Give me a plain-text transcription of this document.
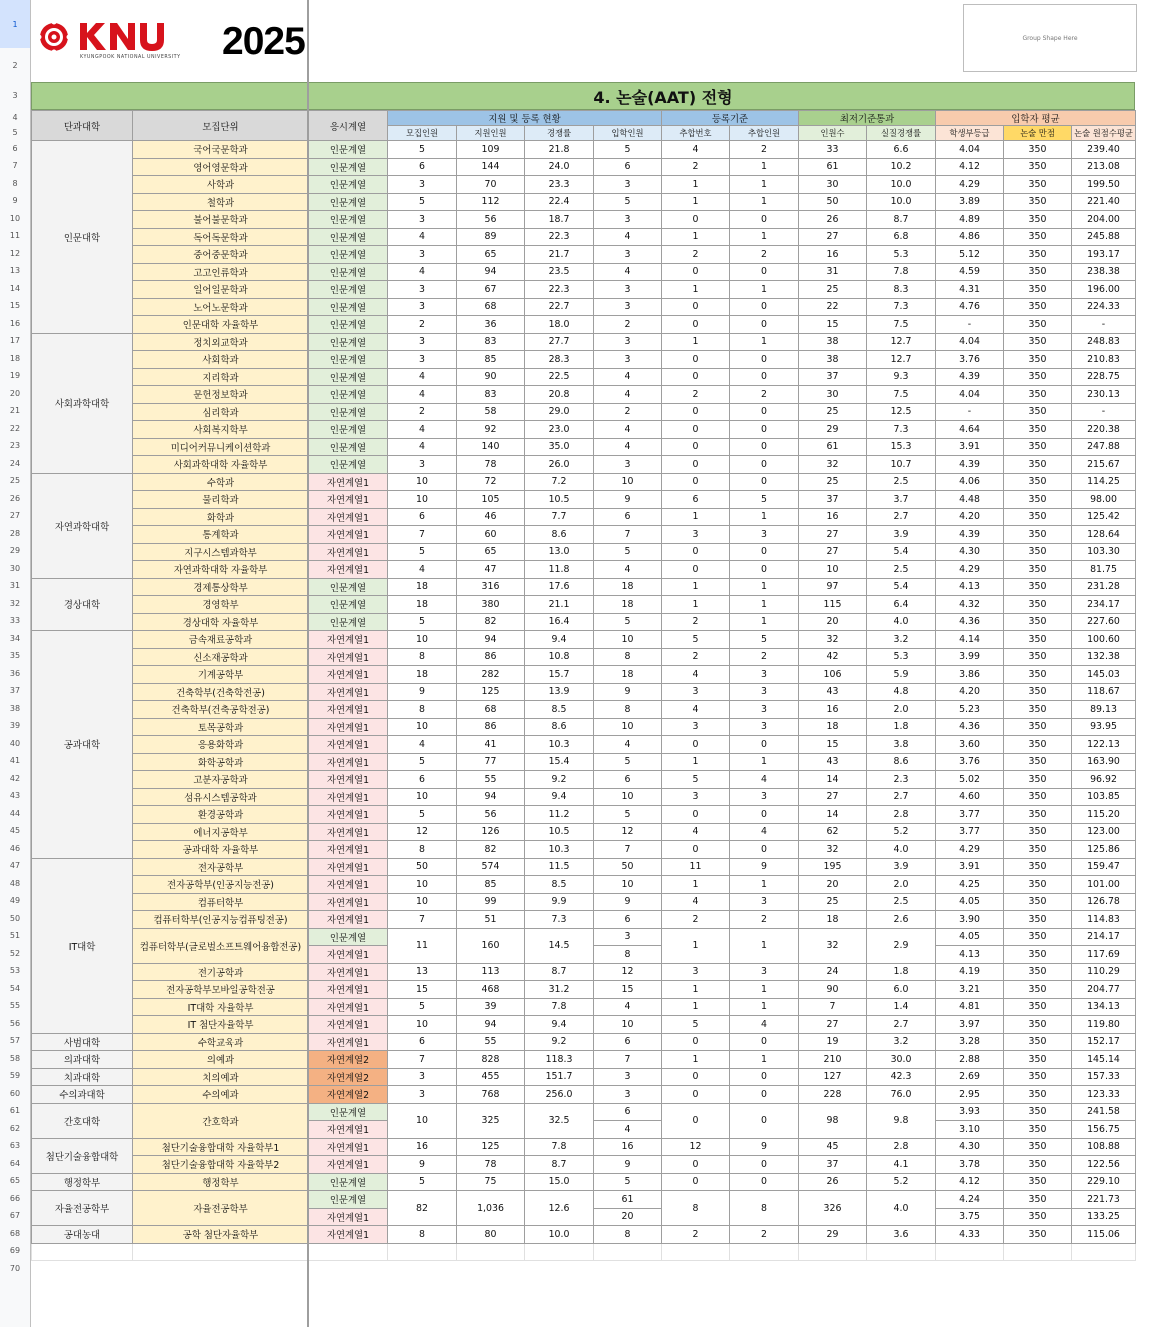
1
2
3
4
5
6
7
8
9
10
11
12
13
14
15
16
17
18
19
20
21
22
23
24
25
26
27
28
29
30
31
32
33
34
35
36
37
38
39
40
41
42
43
44
45
46
47
48
49
50
51
52
53
54
55
56
57
58
59
60
61
62
63
64
65
66
67
68
69
70
KYUNGPOOK NATIONAL UNIVERSITY 2025	Group Shape Here
4. 논술(AAT) 전형
단과대학	모집단위	응시계열	지원 및 등록 현황				등록기준		최저기준통과		입학자 평균		
			모집인원	지원인원	경쟁률	입학인원	추합번호	추합인원	인원수	실질경쟁률	학생부등급	논술 만점	논술 원점수평균
인문대학	국어국문학과	인문계열	5	109	21.8	5	4	2	33	6.6	4.04	350	239.40
	영어영문학과	인문계열	6	144	24.0	6	2	1	61	10.2	4.12	350	213.08
	사학과	인문계열	3	70	23.3	3	1	1	30	10.0	4.29	350	199.50
	철학과	인문계열	5	112	22.4	5	1	1	50	10.0	3.89	350	221.40
	불어불문학과	인문계열	3	56	18.7	3	0	0	26	8.7	4.89	350	204.00
	독어독문학과	인문계열	4	89	22.3	4	1	1	27	6.8	4.86	350	245.88
	중어중문학과	인문계열	3	65	21.7	3	2	2	16	5.3	5.12	350	193.17
	고고인류학과	인문계열	4	94	23.5	4	0	0	31	7.8	4.59	350	238.38
	일어일문학과	인문계열	3	67	22.3	3	1	1	25	8.3	4.31	350	196.00
	노어노문학과	인문계열	3	68	22.7	3	0	0	22	7.3	4.76	350	224.33
	인문대학 자율학부	인문계열	2	36	18.0	2	0	0	15	7.5	-	350	-
사회과학대학	정치외교학과	인문계열	3	83	27.7	3	1	1	38	12.7	4.04	350	248.83
	사회학과	인문계열	3	85	28.3	3	0	0	38	12.7	3.76	350	210.83
	지리학과	인문계열	4	90	22.5	4	0	0	37	9.3	4.39	350	228.75
	문헌정보학과	인문계열	4	83	20.8	4	2	2	30	7.5	4.04	350	230.13
	심리학과	인문계열	2	58	29.0	2	0	0	25	12.5	-	350	-
	사회복지학부	인문계열	4	92	23.0	4	0	0	29	7.3	4.64	350	220.38
	미디어커뮤니케이션학과	인문계열	4	140	35.0	4	0	0	61	15.3	3.91	350	247.88
	사회과학대학 자율학부	인문계열	3	78	26.0	3	0	0	32	10.7	4.39	350	215.67
자연과학대학	수학과	자연계열1	10	72	7.2	10	0	0	25	2.5	4.06	350	114.25
	물리학과	자연계열1	10	105	10.5	9	6	5	37	3.7	4.48	350	98.00
	화학과	자연계열1	6	46	7.7	6	1	1	16	2.7	4.20	350	125.42
	통계학과	자연계열1	7	60	8.6	7	3	3	27	3.9	4.39	350	128.64
	지구시스템과학부	자연계열1	5	65	13.0	5	0	0	27	5.4	4.30	350	103.30
	자연과학대학 자율학부	자연계열1	4	47	11.8	4	0	0	10	2.5	4.29	350	81.75
경상대학	경제통상학부	인문계열	18	316	17.6	18	1	1	97	5.4	4.13	350	231.28
	경영학부	인문계열	18	380	21.1	18	1	1	115	6.4	4.32	350	234.17
	경상대학 자율학부	인문계열	5	82	16.4	5	2	1	20	4.0	4.36	350	227.60
공과대학	금속재료공학과	자연계열1	10	94	9.4	10	5	5	32	3.2	4.14	350	100.60
	신소재공학과	자연계열1	8	86	10.8	8	2	2	42	5.3	3.99	350	132.38
	기계공학부	자연계열1	18	282	15.7	18	4	3	106	5.9	3.86	350	145.03
	건축학부(건축학전공)	자연계열1	9	125	13.9	9	3	3	43	4.8	4.20	350	118.67
	건축학부(건축공학전공)	자연계열1	8	68	8.5	8	4	3	16	2.0	5.23	350	89.13
	토목공학과	자연계열1	10	86	8.6	10	3	3	18	1.8	4.36	350	93.95
	응용화학과	자연계열1	4	41	10.3	4	0	0	15	3.8	3.60	350	122.13
	화학공학과	자연계열1	5	77	15.4	5	1	1	43	8.6	3.76	350	163.90
	고분자공학과	자연계열1	6	55	9.2	6	5	4	14	2.3	5.02	350	96.92
	섬유시스템공학과	자연계열1	10	94	9.4	10	3	3	27	2.7	4.60	350	103.85
	환경공학과	자연계열1	5	56	11.2	5	0	0	14	2.8	3.77	350	115.20
	에너지공학부	자연계열1	12	126	10.5	12	4	4	62	5.2	3.77	350	123.00
	공과대학 자율학부	자연계열1	8	82	10.3	7	0	0	32	4.0	4.29	350	125.86
IT대학	전자공학부	자연계열1	50	574	11.5	50	11	9	195	3.9	3.91	350	159.47
	전자공학부(인공지능전공)	자연계열1	10	85	8.5	10	1	1	20	2.0	4.25	350	101.00
	컴퓨터학부	자연계열1	10	99	9.9	9	4	3	25	2.5	4.05	350	126.78
	컴퓨터학부(인공지능컴퓨팅전공)	자연계열1	7	51	7.3	6	2	2	18	2.6	3.90	350	114.83
	컴퓨터학부(글로벌소프트웨어융합전공)	인문계열	11	160	14.5	3	1	1	32	2.9	4.05	350	214.17
		자연계열1				8					4.13	350	117.69
	전기공학과	자연계열1	13	113	8.7	12	3	3	24	1.8	4.19	350	110.29
	전자공학부모바일공학전공	자연계열1	15	468	31.2	15	1	1	90	6.0	3.21	350	204.77
	IT대학 자율학부	자연계열1	5	39	7.8	4	1	1	7	1.4	4.81	350	134.13
	IT 첨단자율학부	자연계열1	10	94	9.4	10	5	4	27	2.7	3.97	350	119.80
사범대학	수학교육과	자연계열1	6	55	9.2	6	0	0	19	3.2	3.28	350	152.17
의과대학	의예과	자연계열2	7	828	118.3	7	1	1	210	30.0	2.88	350	145.14
치과대학	치의예과	자연계열2	3	455	151.7	3	0	0	127	42.3	2.69	350	157.33
수의과대학	수의예과	자연계열2	3	768	256.0	3	0	0	228	76.0	2.95	350	123.33
간호대학	간호학과	인문계열	10	325	32.5	6	0	0	98	9.8	3.93	350	241.58
		자연계열1				4					3.10	350	156.75
첨단기술융합대학	첨단기술융합대학 자율학부1	자연계열1	16	125	7.8	16	12	9	45	2.8	4.30	350	108.88
	첨단기술융합대학 자율학부2	자연계열1	9	78	8.7	9	0	0	37	4.1	3.78	350	122.56
행정학부	행정학부	인문계열	5	75	15.0	5	0	0	26	5.2	4.12	350	229.10
자율전공학부	자율전공학부	인문계열	82	1,036	12.6	61	8	8	326	4.0	4.24	350	221.73
		자연계열1				20					3.75	350	133.25
공대농대	공학 첨단자율학부	자연계열1	8	80	10.0	8	2	2	29	3.6	4.33	350	115.06
